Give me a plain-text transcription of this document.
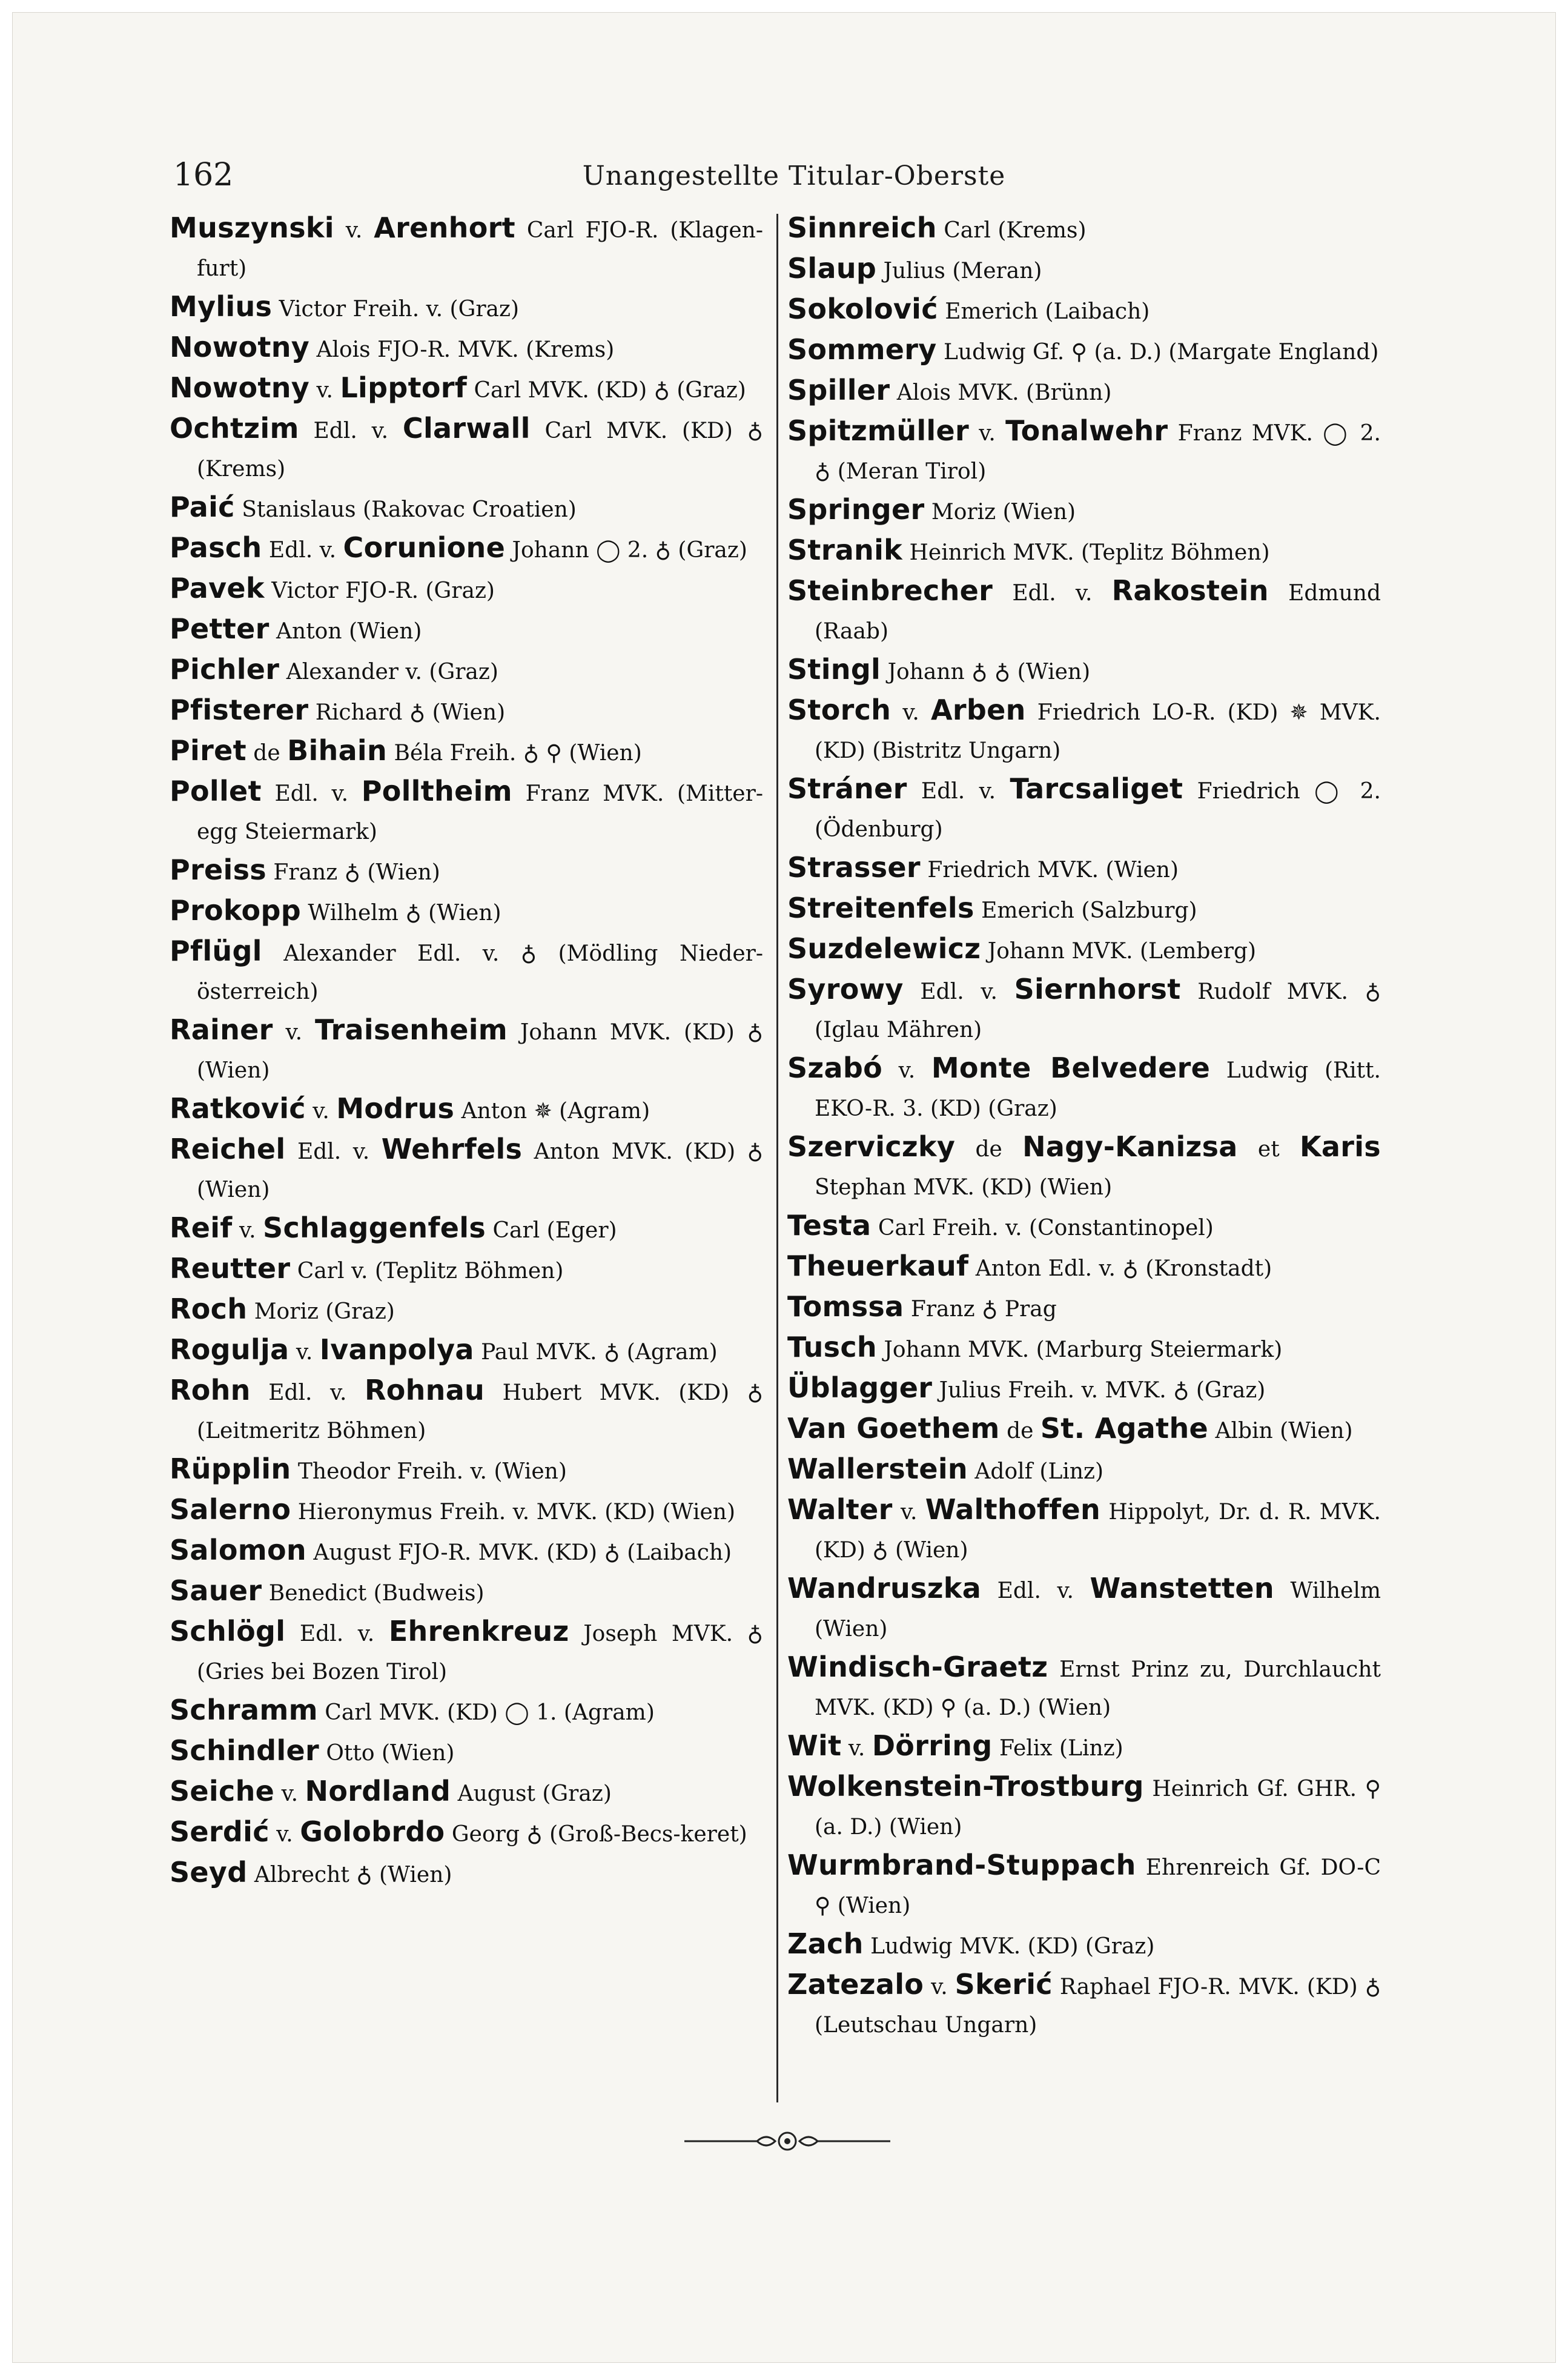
162	Unangestellte Titular-Oberste

Muszynski v. Arenhort Carl FJO-R. (Klagen-furt)

Mylius Victor Freih. v. (Graz)

Nowotny Alois FJO-R. MVK. (Krems)

Nowotny v. Lipptorf Carl MVK. (KD) ♁ (Graz)

Ochtzim Edl. v. Clarwall Carl MVK. (KD) ♁ (Krems)

Paić Stanislaus (Rakovac Croatien)

Pasch Edl. v. Corunione Johann ◯ 2. ♁ (Graz)

Pavek Victor FJO-R. (Graz)

Petter Anton (Wien)

Pichler Alexander v. (Graz)

Pfisterer Richard ♁ (Wien)

Piret de Bihain Béla Freih. ♁ ⚲ (Wien)

Pollet Edl. v. Polltheim Franz MVK. (Mitter-egg Steiermark)

Preiss Franz ♁ (Wien)

Prokopp Wilhelm ♁ (Wien)

Pflügl Alexander Edl. v. ♁ (Mödling Nieder-österreich)

Rainer v. Traisenheim Johann MVK. (KD) ♁ (Wien)

Ratković v. Modrus Anton ✵ (Agram)

Reichel Edl. v. Wehrfels Anton MVK. (KD) ♁ (Wien)

Reif v. Schlaggenfels Carl (Eger)

Reutter Carl v. (Teplitz Böhmen)

Roch Moriz (Graz)

Rogulja v. Ivanpolya Paul MVK. ♁ (Agram)

Rohn Edl. v. Rohnau Hubert MVK. (KD) ♁ (Leitmeritz Böhmen)

Rüpplin Theodor Freih. v. (Wien)

Salerno Hieronymus Freih. v. MVK. (KD) (Wien)

Salomon August FJO-R. MVK. (KD) ♁ (Laibach)

Sauer Benedict (Budweis)

Schlögl Edl. v. Ehrenkreuz Joseph MVK. ♁ (Gries bei Bozen Tirol)

Schramm Carl MVK. (KD) ◯ 1. (Agram)

Schindler Otto (Wien)

Seiche v. Nordland August (Graz)

Serdić v. Golobrdo Georg ♁ (Groß-Becs-keret)

Seyd Albrecht ♁ (Wien)

Sinnreich Carl (Krems)

Slaup Julius (Meran)

Sokolović Emerich (Laibach)

Sommery Ludwig Gf. ⚲ (a. D.) (Margate England)

Spiller Alois MVK. (Brünn)

Spitzmüller v. Tonalwehr Franz MVK. ◯ 2. ♁ (Meran Tirol)

Springer Moriz (Wien)

Stranik Heinrich MVK. (Teplitz Böhmen)

Steinbrecher Edl. v. Rakostein Edmund (Raab)

Stingl Johann ♁ ♁ (Wien)

Storch v. Arben Friedrich LO-R. (KD) ✵ MVK. (KD) (Bistritz Ungarn)

Stráner Edl. v. Tarcsaliget Friedrich ◯ 2. (Ödenburg)

Strasser Friedrich MVK. (Wien)

Streitenfels Emerich (Salzburg)

Suzdelewicz Johann MVK. (Lemberg)

Syrowy Edl. v. Siernhorst Rudolf MVK. ♁ (Iglau Mähren)

Szabó v. Monte Belvedere Ludwig (Ritt. EKO-R. 3. (KD) (Graz)

Szerviczky de Nagy-Kanizsa et Karis Stephan MVK. (KD) (Wien)

Testa Carl Freih. v. (Constantinopel)

Theuerkauf Anton Edl. v. ♁ (Kronstadt)

Tomssa Franz ♁ Prag

Tusch Johann MVK. (Marburg Steiermark)

Üblagger Julius Freih. v. MVK. ♁ (Graz)

Van Goethem de St. Agathe Albin (Wien)

Wallerstein Adolf (Linz)

Walter v. Walthoffen Hippolyt, Dr. d. R. MVK. (KD) ♁ (Wien)

Wandruszka Edl. v. Wanstetten Wilhelm (Wien)

Windisch-Graetz Ernst Prinz zu, Durchlaucht MVK. (KD) ⚲ (a. D.) (Wien)

Wit v. Dörring Felix (Linz)

Wolkenstein-Trostburg Heinrich Gf. GHR. ⚲ (a. D.) (Wien)

Wurmbrand-Stuppach Ehrenreich Gf. DO-C ⚲ (Wien)

Zach Ludwig MVK. (KD) (Graz)

Zatezalo v. Skerić Raphael FJO-R. MVK. (KD) ♁ (Leutschau Ungarn)
